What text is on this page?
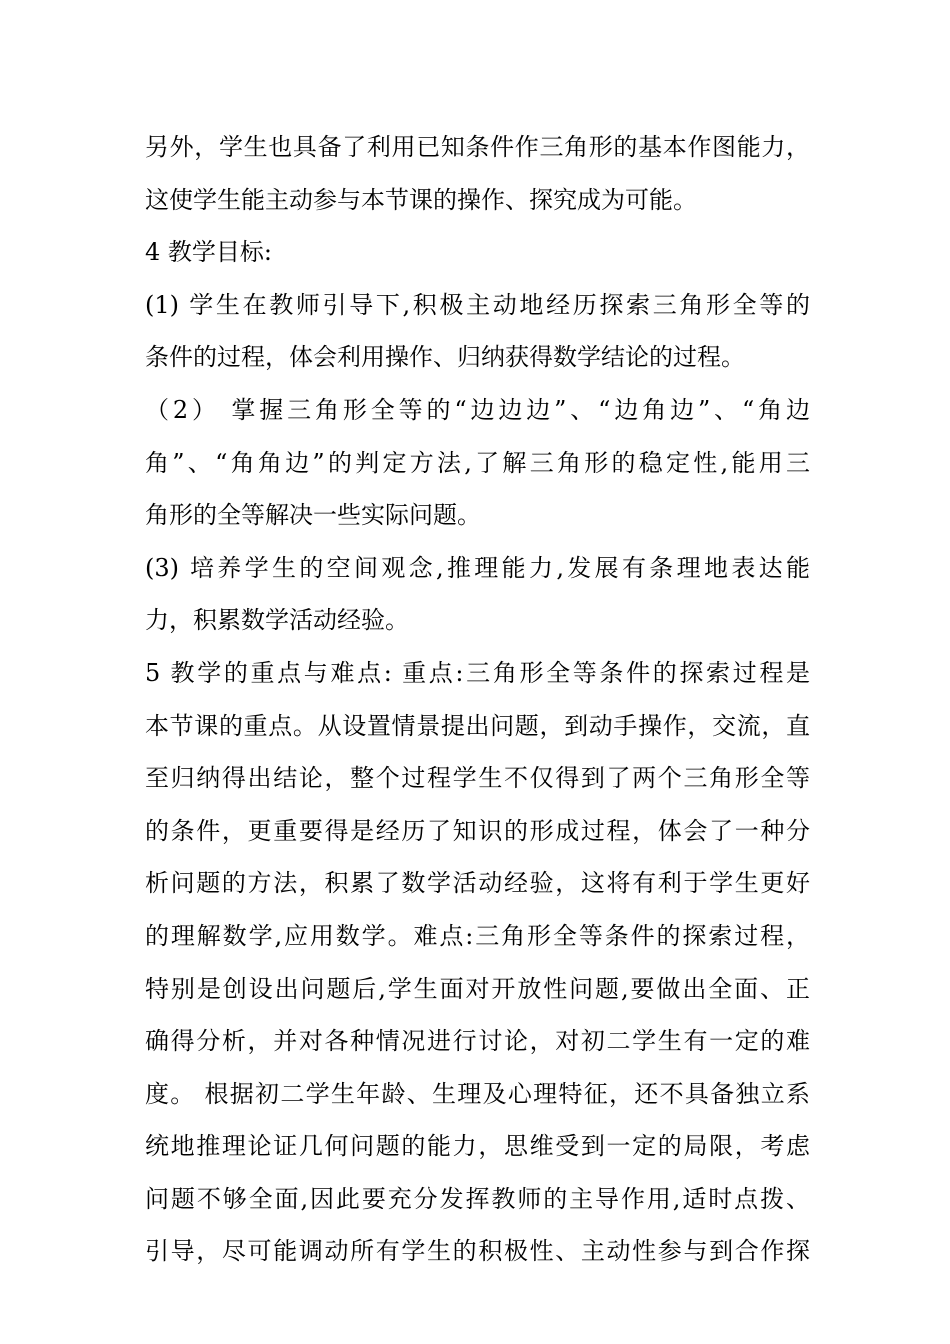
另外，学生也具备了利用已知条件作三角形的基本作图能力，
这使学生能主动参与本节课的操作、探究成为可能。
4 教学目标:
(1) 学生在教师引导下,积极主动地经历探索三角形全等的
条件的过程，体会利用操作、归纳获得数学结论的过程。
（2） 掌握三角形全等的“边边边”、“边角边”、“角边
角”、“角角边”的判定方法,了解三角形的稳定性,能用三
角形的全等解决一些实际问题。
(3) 培养学生的空间观念,推理能力,发展有条理地表达能
力，积累数学活动经验。
5 教学的重点与难点: 重点:三角形全等条件的探索过程是
本节课的重点。从设置情景提出问题，到动手操作，交流，直
至归纳得出结论，整个过程学生不仅得到了两个三角形全等
的条件，更重要得是经历了知识的形成过程，体会了一种分
析问题的方法，积累了数学活动经验，这将有利于学生更好
的理解数学,应用数学。难点:三角形全等条件的探索过程，
特别是创设出问题后,学生面对开放性问题,要做出全面、正
确得分析，并对各种情况进行讨论，对初二学生有一定的难
度。 根据初二学生年龄、生理及心理特征，还不具备独立系
统地推理论证几何问题的能力，思维受到一定的局限，考虑
问题不够全面,因此要充分发挥教师的主导作用,适时点拨、
引导，尽可能调动所有学生的积极性、主动性参与到合作探
